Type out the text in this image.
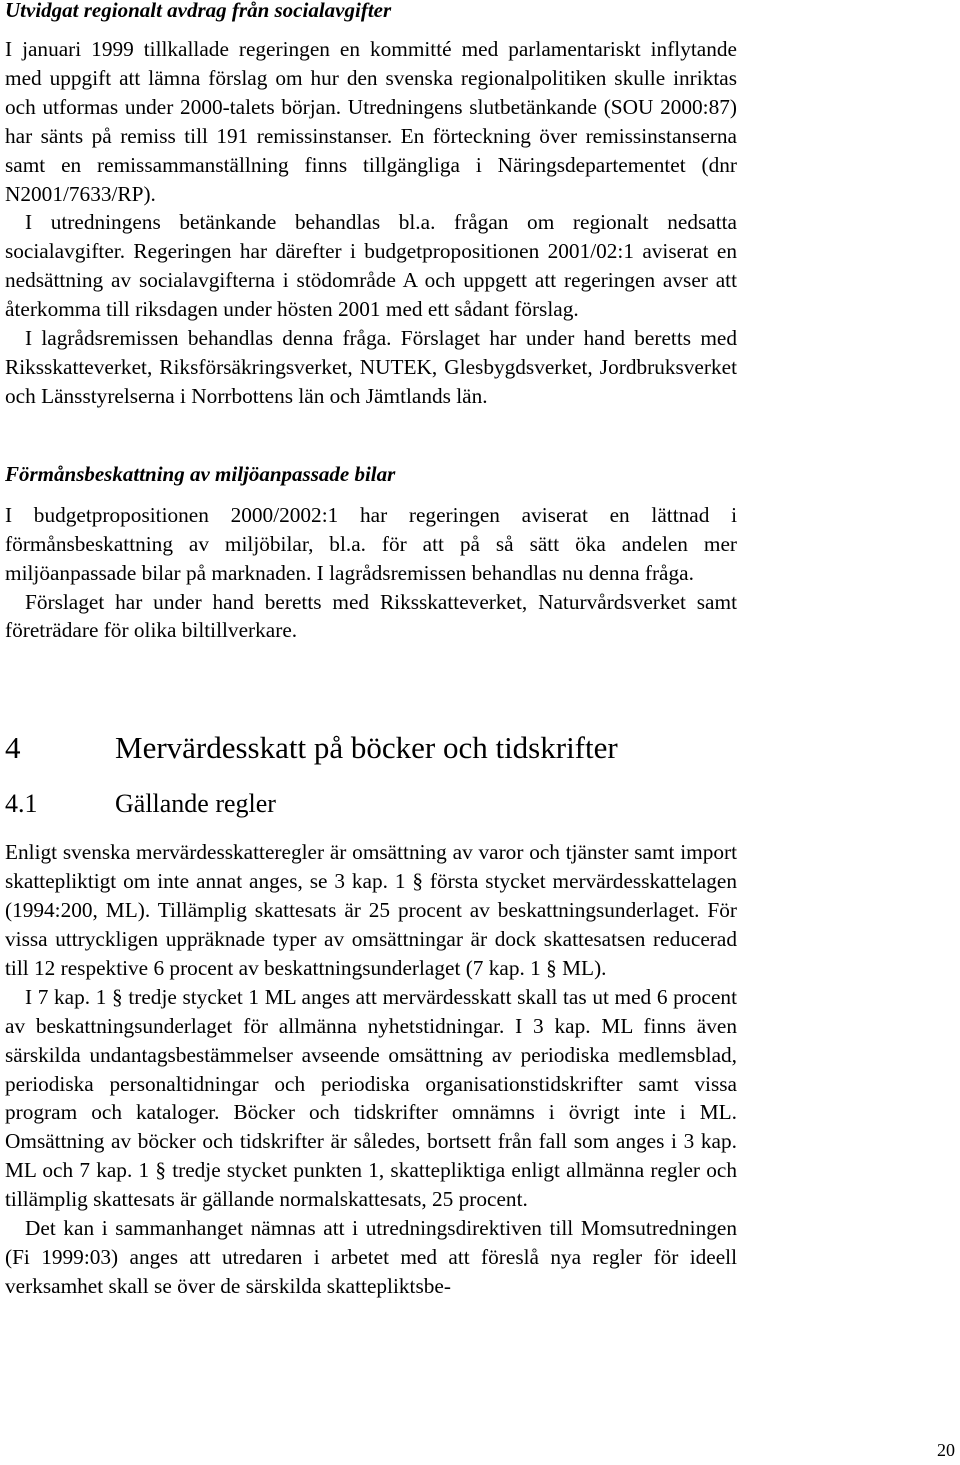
Utvidgat regionalt avdrag från socialavgifter

I januari 1999 tillkallade regeringen en kommitté med parlamentariskt inflytande med uppgift att lämna förslag om hur den svenska regionalpolitiken skulle inriktas och utformas under 2000-talets början. Utredningens slutbetänkande (SOU 2000:87) har sänts på remiss till 191 remissinstanser. En förteckning över remissinstanserna samt en remissammanställning finns tillgängliga i Näringsdepartementet (dnr N2001/7633/RP).

I utredningens betänkande behandlas bl.a. frågan om regionalt nedsatta socialavgifter. Regeringen har därefter i budgetpropositionen 2001/02:1 aviserat en nedsättning av socialavgifterna i stödområde A och uppgett att regeringen avser att återkomma till riksdagen under hösten 2001 med ett sådant förslag.

I lagrådsremissen behandlas denna fråga. Förslaget har under hand beretts med Riksskatteverket, Riksförsäkringsverket, NUTEK, Glesbygdsverket, Jordbruksverket och Länsstyrelserna i Norrbottens län och Jämtlands län.

Förmånsbeskattning av miljöanpassade bilar

I budgetpropositionen 2000/2002:1 har regeringen aviserat en lättnad i förmånsbeskattning av miljöbilar, bl.a. för att på så sätt öka andelen mer miljöanpassade bilar på marknaden. I lagrådsremissen behandlas nu denna fråga.

Förslaget har under hand beretts med Riksskatteverket, Naturvårdsverket samt företrädare för olika biltillverkare.

4	Mervärdesskatt på böcker och tidskrifter
4.1	Gällande regler

Enligt svenska mervärdesskatteregler är omsättning av varor och tjänster samt import skattepliktigt om inte annat anges, se 3 kap. 1 § första stycket mervärdesskattelagen (1994:200, ML). Tillämplig skattesats är 25 procent av beskattningsunderlaget. För vissa uttryckligen uppräknade typer av omsättningar är dock skattesatsen reducerad till 12 respektive 6 procent av beskattningsunderlaget (7 kap. 1 § ML).

I 7 kap. 1 § tredje stycket 1 ML anges att mervärdesskatt skall tas ut med 6 procent av beskattningsunderlaget för allmänna nyhetstidningar. I 3 kap. ML finns även särskilda undantagsbestämmelser avseende omsättning av periodiska medlemsblad, periodiska personaltidningar och periodiska organisationstidskrifter samt vissa program och kataloger. Böcker och tidskrifter omnämns i övrigt inte i ML. Omsättning av böcker och tidskrifter är således, bortsett från fall som anges i 3 kap. ML och 7 kap. 1 § tredje stycket punkten 1, skattepliktiga enligt allmänna regler och tillämplig skattesats är gällande normalskattesats, 25 procent.

Det kan i sammanhanget nämnas att i utredningsdirektiven till Momsutredningen (Fi 1999:03) anges att utredaren i arbetet med att föreslå nya regler för ideell verksamhet skall se över de särskilda skattepliktsbe-

20
